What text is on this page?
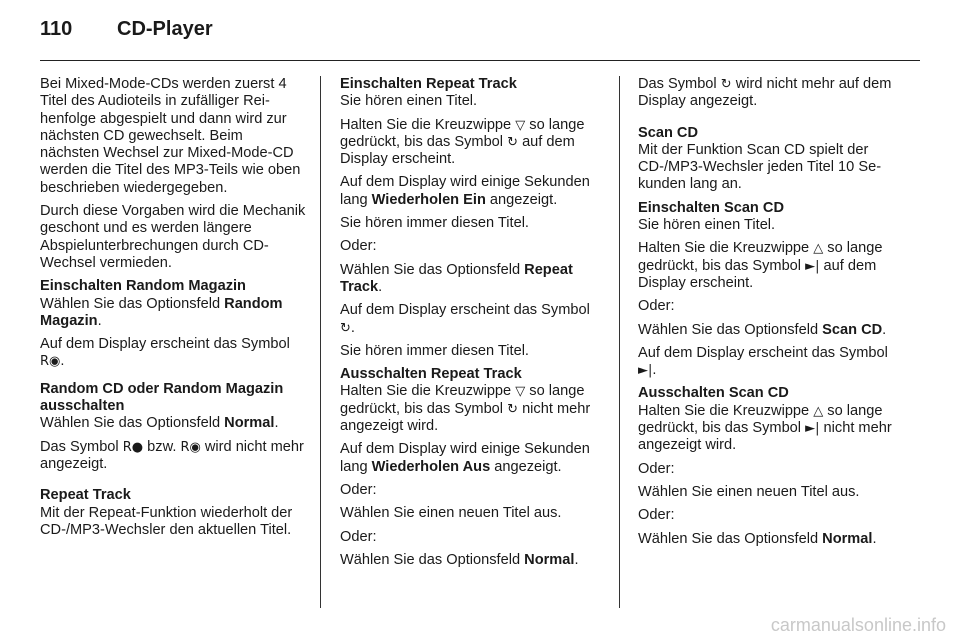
110	CD-Player

Bei Mixed-Mode-CDs werden zuerst 4 Titel des Audioteils in zufälliger Reihenfolge abgespielt und dann wird zur nächsten CD gewechselt. Beim nächsten Wechsel zur Mixed-Mode-CD werden die Titel des MP3-Teils wie oben beschrieben wiedergegeben.

Durch diese Vorgaben wird die Mechanik geschont und es werden längere Abspielunterbrechungen durch CD-Wechsel vermieden.

Einschalten Random Magazin

Wählen Sie das Optionsfeld Random Magazin.

Auf dem Display erscheint das Symbol R◉.

Random CD oder Random Magazin ausschalten

Wählen Sie das Optionsfeld Normal.

Das Symbol R● bzw. R◉ wird nicht mehr angezeigt.

Repeat Track

Mit der Repeat-Funktion wiederholt der CD-/MP3-Wechsler den aktuellen Titel.

Einschalten Repeat Track

Sie hören einen Titel.

Halten Sie die Kreuzwippe ▽ so lange gedrückt, bis das Symbol ↻ auf dem Display erscheint.

Auf dem Display wird einige Sekunden lang Wiederholen Ein angezeigt.

Sie hören immer diesen Titel.

Oder:

Wählen Sie das Optionsfeld Repeat Track.

Auf dem Display erscheint das Symbol ↻.

Sie hören immer diesen Titel.

Ausschalten Repeat Track

Halten Sie die Kreuzwippe ▽ so lange gedrückt, bis das Symbol ↻ nicht mehr angezeigt wird.

Auf dem Display wird einige Sekunden lang Wiederholen Aus angezeigt.

Oder:

Wählen Sie einen neuen Titel aus.

Oder:

Wählen Sie das Optionsfeld Normal.

Das Symbol ↻ wird nicht mehr auf dem Display angezeigt.

Scan CD

Mit der Funktion Scan CD spielt der CD-/MP3-Wechsler jeden Titel 10 Sekunden lang an.

Einschalten Scan CD

Sie hören einen Titel.

Halten Sie die Kreuzwippe △ so lange gedrückt, bis das Symbol ►| auf dem Display erscheint.

Oder:

Wählen Sie das Optionsfeld Scan CD.

Auf dem Display erscheint das Symbol ►|.

Ausschalten Scan CD

Halten Sie die Kreuzwippe △ so lange gedrückt, bis das Symbol ►| nicht mehr angezeigt wird.

Oder:

Wählen Sie einen neuen Titel aus.

Oder:

Wählen Sie das Optionsfeld Normal.

carmanualsonline.info
